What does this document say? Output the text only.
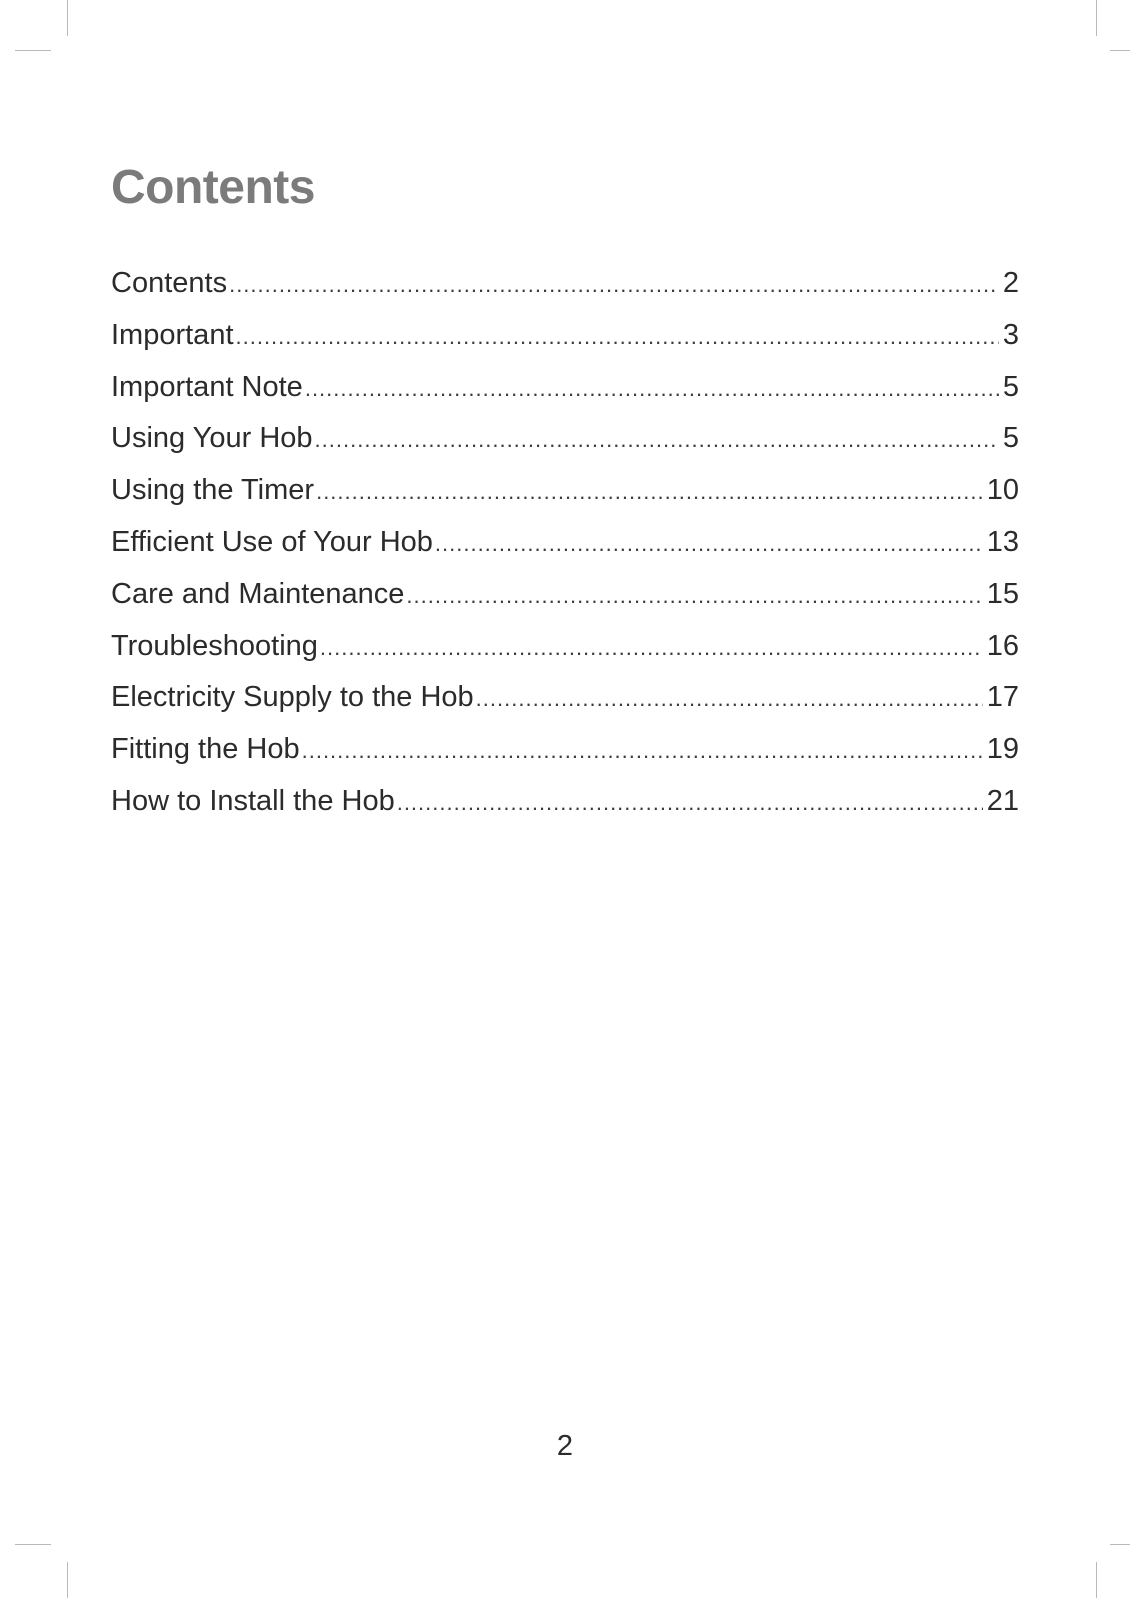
Contents
Contents .....	2
Important .....	3
Important Note .....	5
Using Your Hob .....	5
Using the Timer .....	10
Efficient Use of Your Hob .....	13
Care and Maintenance .....	15
Troubleshooting .....	16
Electricity Supply to the Hob .....	17
Fitting the Hob .....	19
How to Install the Hob .....	21
2
